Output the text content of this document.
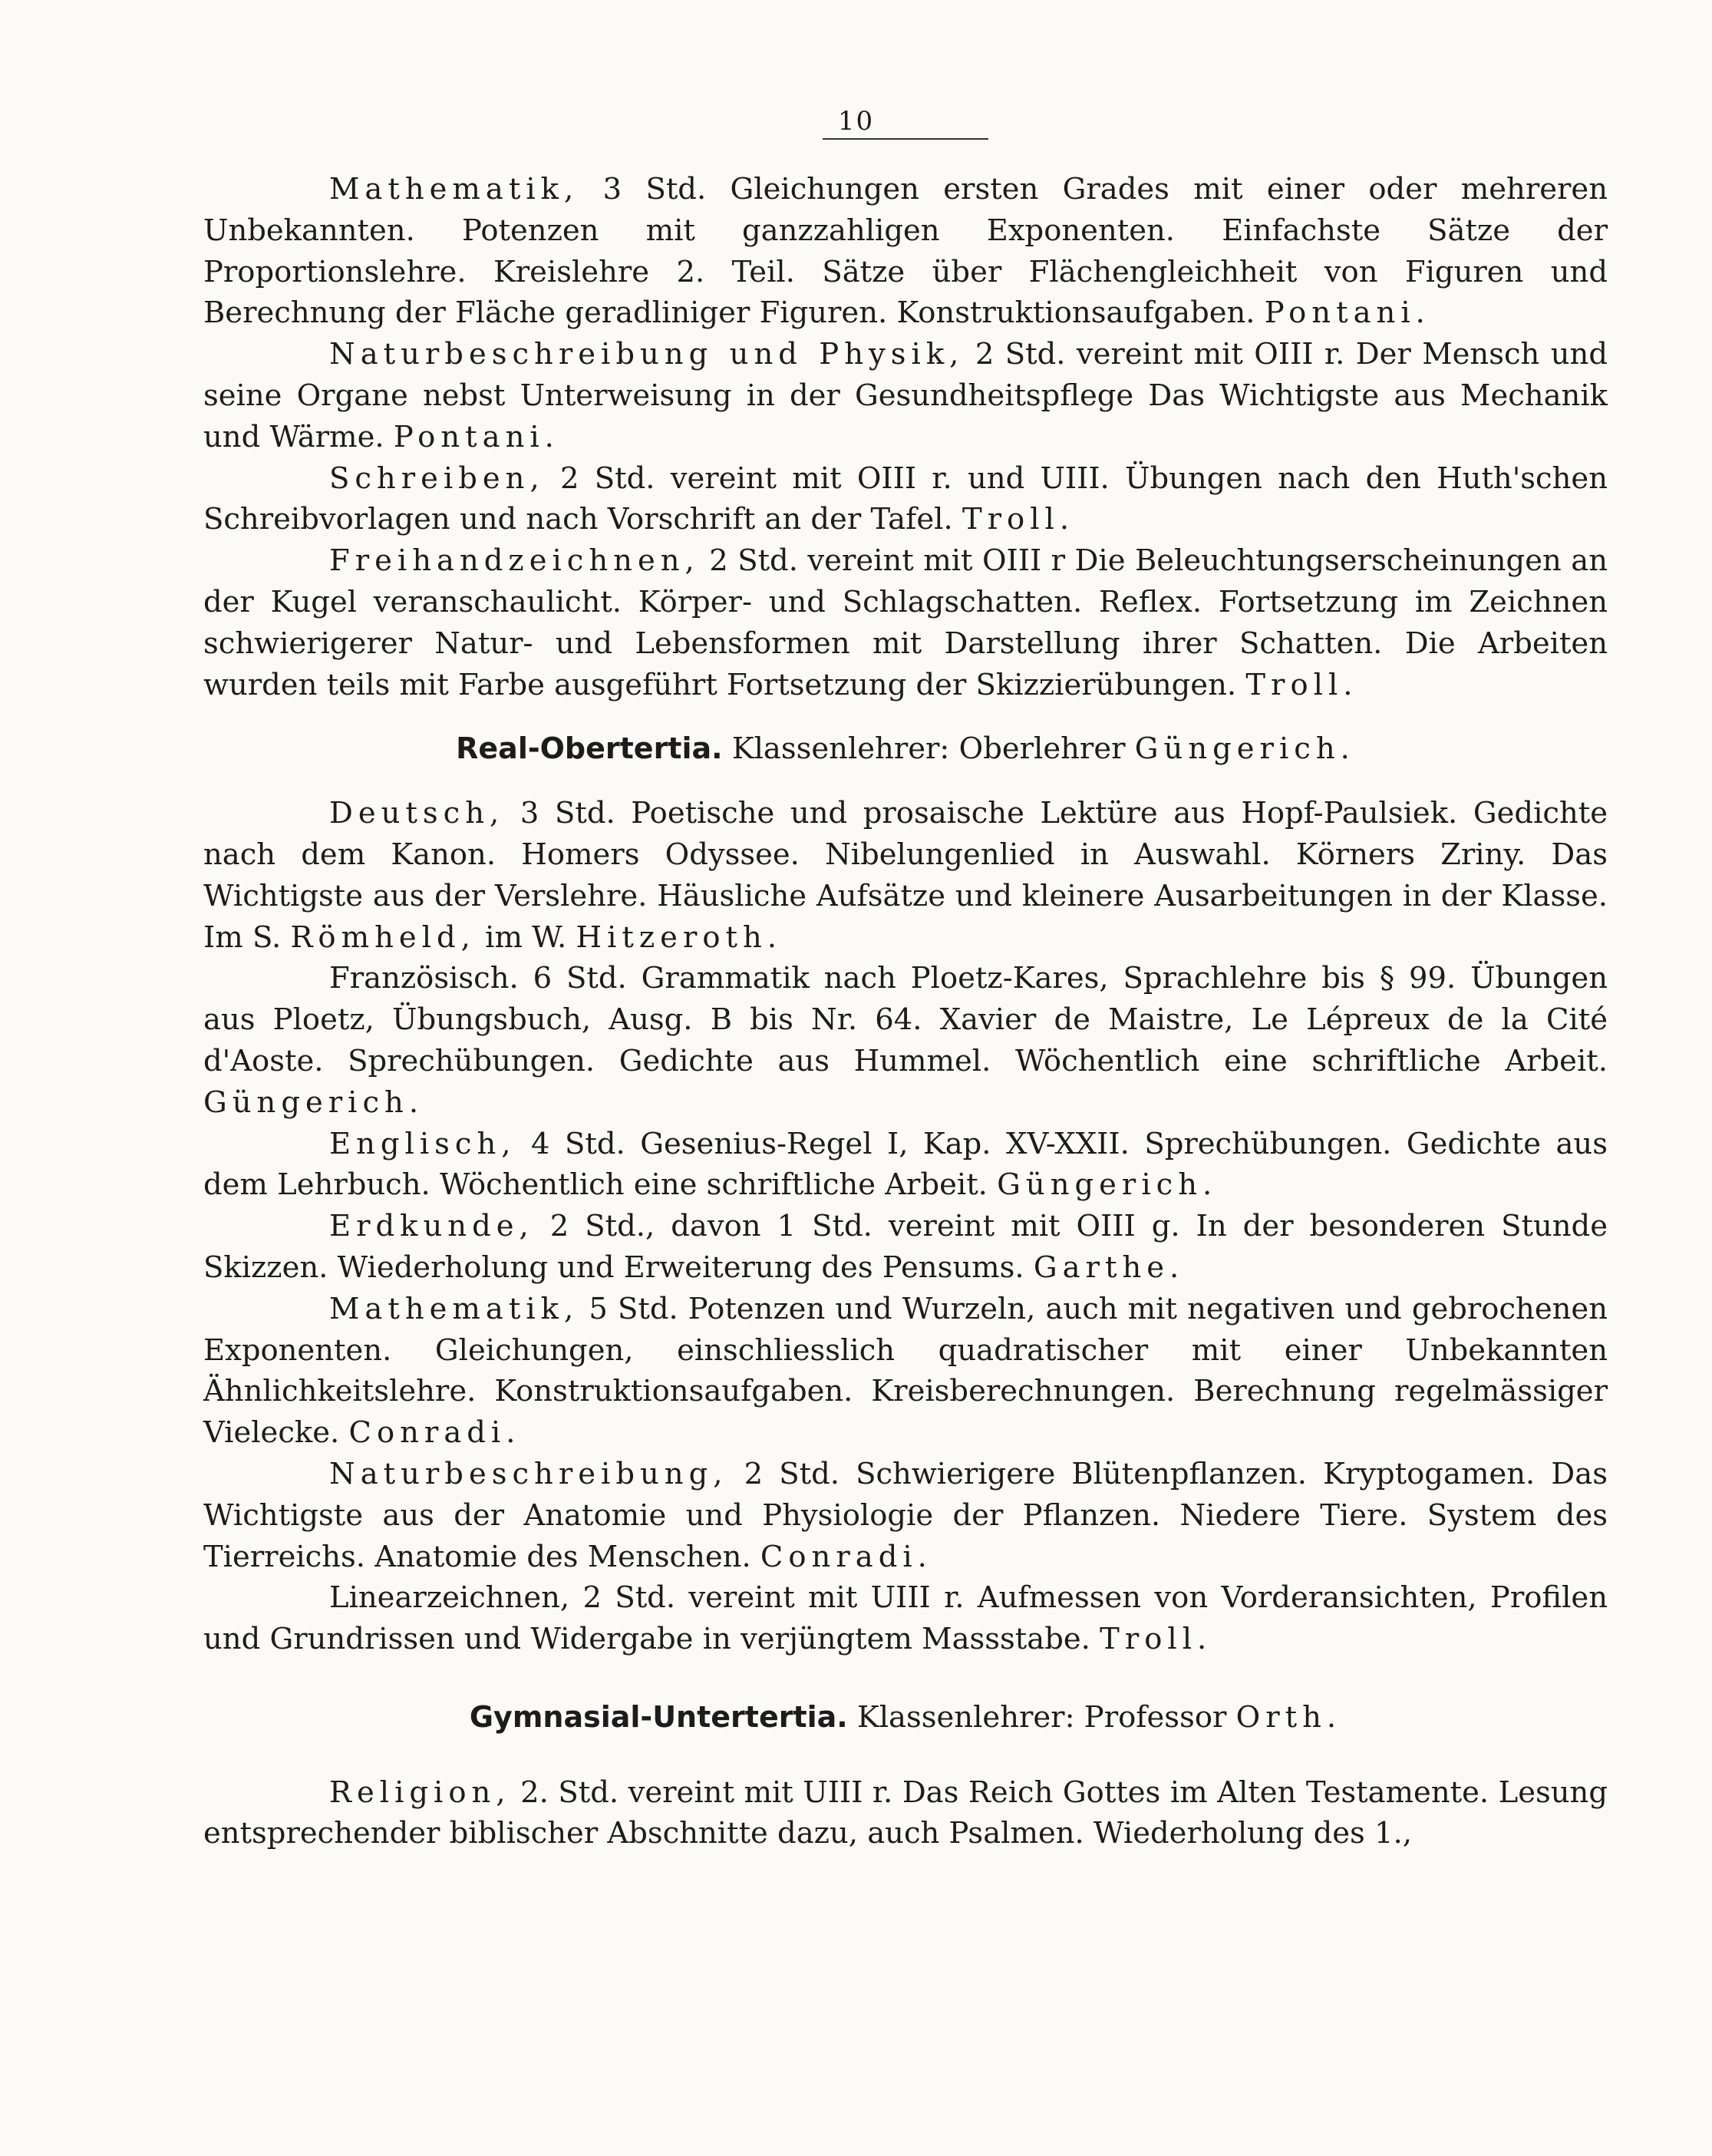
10

Mathematik, 3 Std. Gleichungen ersten Grades mit einer oder mehreren Unbekannten. Potenzen mit ganzzahligen Exponenten. Einfachste Sätze der Proportionslehre. Kreislehre 2. Teil. Sätze über Flächengleichheit von Figuren und Berechnung der Fläche geradliniger Figuren. Konstruktionsaufgaben. Pontani.

Naturbeschreibung und Physik, 2 Std. vereint mit OIII r. Der Mensch und seine Organe nebst Unterweisung in der Gesundheitspflege Das Wichtigste aus Mechanik und Wärme. Pontani.

Schreiben, 2 Std. vereint mit OIII r. und UIII. Übungen nach den Huth'schen Schreibvorlagen und nach Vorschrift an der Tafel. Troll.

Freihandzeichnen, 2 Std. vereint mit OIII r Die Beleuchtungserscheinungen an der Kugel veranschaulicht. Körper- und Schlagschatten. Reflex. Fortsetzung im Zeichnen schwierigerer Natur- und Lebensformen mit Darstellung ihrer Schatten. Die Arbeiten wurden teils mit Farbe ausgeführt Fortsetzung der Skizzierübungen. Troll.

Real-Obertertia. Klassenlehrer: Oberlehrer Güngerich.

Deutsch, 3 Std. Poetische und prosaische Lektüre aus Hopf-Paulsiek. Gedichte nach dem Kanon. Homers Odyssee. Nibelungenlied in Auswahl. Körners Zriny. Das Wichtigste aus der Verslehre. Häusliche Aufsätze und kleinere Ausarbeitungen in der Klasse. Im S. Römheld, im W. Hitzeroth.

Französisch. 6 Std. Grammatik nach Ploetz-Kares, Sprachlehre bis § 99. Übungen aus Ploetz, Übungsbuch, Ausg. B bis Nr. 64. Xavier de Maistre, Le Lépreux de la Cité d'Aoste. Sprechübungen. Gedichte aus Hummel. Wöchentlich eine schriftliche Arbeit. Güngerich.

Englisch, 4 Std. Gesenius-Regel I, Kap. XV-XXII. Sprechübungen. Gedichte aus dem Lehrbuch. Wöchentlich eine schriftliche Arbeit. Güngerich.

Erdkunde, 2 Std., davon 1 Std. vereint mit OIII g. In der besonderen Stunde Skizzen. Wiederholung und Erweiterung des Pensums. Garthe.

Mathematik, 5 Std. Potenzen und Wurzeln, auch mit negativen und gebrochenen Exponenten. Gleichungen, einschliesslich quadratischer mit einer Unbekannten Ähnlichkeitslehre. Konstruktionsaufgaben. Kreisberechnungen. Berechnung regelmässiger Vielecke. Conradi.

Naturbeschreibung, 2 Std. Schwierigere Blütenpflanzen. Kryptogamen. Das Wichtigste aus der Anatomie und Physiologie der Pflanzen. Niedere Tiere. System des Tierreichs. Anatomie des Menschen. Conradi.

Linearzeichnen, 2 Std. vereint mit UIII r. Aufmessen von Vorderansichten, Profilen und Grundrissen und Widergabe in verjüngtem Massstabe. Troll.

Gymnasial-Untertertia. Klassenlehrer: Professor Orth.

Religion, 2. Std. vereint mit UIII r. Das Reich Gottes im Alten Testamente. Lesung entsprechender biblischer Abschnitte dazu, auch Psalmen. Wiederholung des 1.,
